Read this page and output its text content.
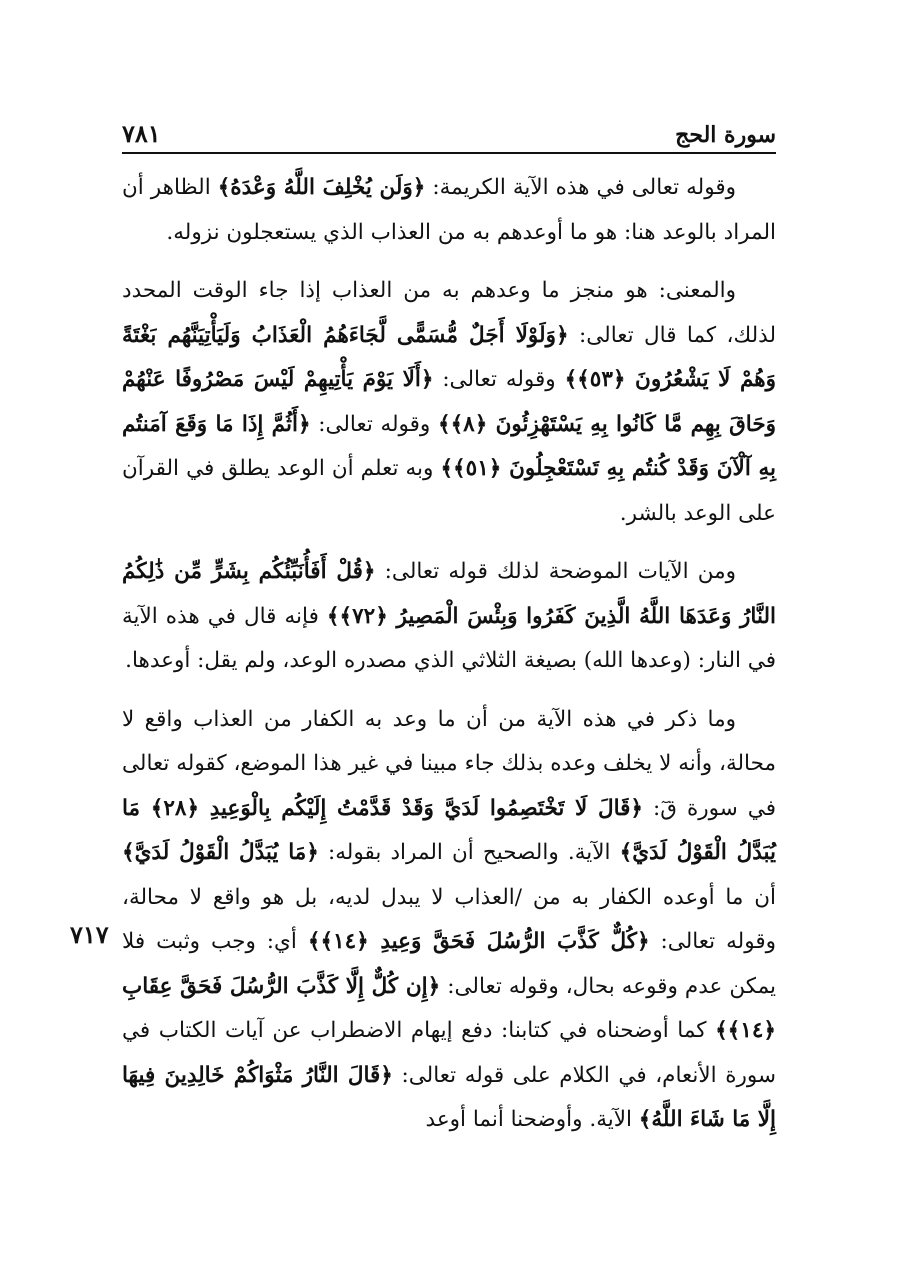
٧٨١	سورة الحج
٧١٧

وقوله تعالى في هذه الآية الكريمة: ﴿وَلَن يُخْلِفَ اللَّهُ وَعْدَهُ﴾ الظاهر أن المراد بالوعد هنا: هو ما أوعدهم به من العذاب الذي يستعجلون نزوله.

والمعنى: هو منجز ما وعدهم به من العذاب إذا جاء الوقت المحدد لذلك، كما قال تعالى: ﴿وَلَوْلَا أَجَلٌ مُّسَمًّى لَّجَاءَهُمُ الْعَذَابُ وَلَيَأْتِيَنَّهُم بَغْتَةً وَهُمْ لَا يَشْعُرُونَ ﴿٥٣﴾﴾ وقوله تعالى: ﴿أَلَا يَوْمَ يَأْتِيهِمْ لَيْسَ مَصْرُوفًا عَنْهُمْ وَحَاقَ بِهِم مَّا كَانُوا بِهِ يَسْتَهْزِئُونَ ﴿٨﴾﴾ وقوله تعالى: ﴿أَثُمَّ إِذَا مَا وَقَعَ آمَنتُم بِهِ آلْآنَ وَقَدْ كُنتُم بِهِ تَسْتَعْجِلُونَ ﴿٥١﴾﴾ وبه تعلم أن الوعد يطلق في القرآن على الوعد بالشر.

ومن الآيات الموضحة لذلك قوله تعالى: ﴿قُلْ أَفَأُنَبِّئُكُم بِشَرٍّ مِّن ذَٰلِكُمُ النَّارُ وَعَدَهَا اللَّهُ الَّذِينَ كَفَرُوا وَبِئْسَ الْمَصِيرُ ﴿٧٢﴾﴾ فإنه قال في هذه الآية في النار: (وعدها الله) بصيغة الثلاثي الذي مصدره الوعد، ولم يقل: أوعدها.

وما ذكر في هذه الآية من أن ما وعد به الكفار من العذاب واقع لا محالة، وأنه لا يخلف وعده بذلك جاء مبينا في غير هذا الموضع، كقوله تعالى في سورة قٓ: ﴿قَالَ لَا تَخْتَصِمُوا لَدَيَّ وَقَدْ قَدَّمْتُ إِلَيْكُم بِالْوَعِيدِ ﴿٢٨﴾ مَا يُبَدَّلُ الْقَوْلُ لَدَيَّ﴾ الآية. والصحيح أن المراد بقوله: ﴿مَا يُبَدَّلُ الْقَوْلُ لَدَيَّ﴾ أن ما أوعده الكفار به من /العذاب لا يبدل لديه، بل هو واقع لا محالة، وقوله تعالى: ﴿كُلٌّ كَذَّبَ الرُّسُلَ فَحَقَّ وَعِيدِ ﴿١٤﴾﴾ أي: وجب وثبت فلا يمكن عدم وقوعه بحال، وقوله تعالى: ﴿إِن كُلٌّ إِلَّا كَذَّبَ الرُّسُلَ فَحَقَّ عِقَابِ ﴿١٤﴾﴾ كما أوضحناه في كتابنا: دفع إيهام الاضطراب عن آيات الكتاب في سورة الأنعام، في الكلام على قوله تعالى: ﴿قَالَ النَّارُ مَثْوَاكُمْ خَالِدِينَ فِيهَا إِلَّا مَا شَاءَ اللَّهُ﴾ الآية. وأوضحنا أنما أوعد
